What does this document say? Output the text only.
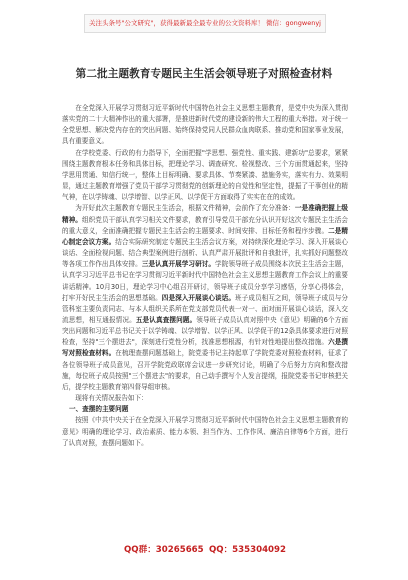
关注头条号"公文研究"，获得最新最全最专业的公文资料库！ 微信：gongwenyj
第二批主题教育专题民主生活会领导班子对照检查材料

在全党深入开展学习贯彻习近平新时代中国特色社会主义思想主题教育，是党中央为深入贯彻落实党的二十大精神作出的重大部署，是推进新时代党的建设新的伟大工程的重大举措。对于统一全党思想、解决党内存在的突出问题、始终保持党同人民群众血肉联系、推动党和国家事业发展，具有重要意义。

在学校党委、行政的有力指导下，全面把握"学思想、强党性、重实践、建新功"总要求，紧紧围绕主题教育根本任务和具体目标，把理论学习、调查研究、检视整改、三个方面贯通起来，坚持学思用贯通、知信行统一，整体上目标明确、要求具体、节奏紧凑、措施务实，落实有力、效果明显，通过主题教育增强了党员干部学习贯彻党的创新理论的自觉性和坚定性，提振了干事创业的精气神，在以学铸魂、以学增智、以学正风、以学促干方面取得了实实在在的成效。

为开好此次主题教育专题民主生活会，根据文件精神，会前作了充分准备：一是准确把握上级精神。组织党员干部认真学习相关文件要求，教育引导党员干部充分认识开好这次专题民主生活会的重大意义，全面准确把握专题民主生活会的主题要求、时间安排、目标任务和程序步骤。二是精心制定会议方案。结合实际研究制定专题民主生活会议方案，对持续深化理论学习、深入开展谈心谈话、全面检视问题、结合典型案例进行剖析、认真严肃开展批评和自我批评，扎实抓好问题整改等各项工作作出具体安排。三是认真开展学习研讨。学院领导班子成员围绕本次民主生活会主题，认真学习习近平总书记在学习贯彻习近平新时代中国特色社会主义思想主题教育工作会议上的重要讲话精神。10月30日，理论学习中心组召开研讨，领导班子成员分享学习感悟，分享心得体会，打牢开好民主生活会的思想基础。四是深入开展谈心谈话。班子成员相互之间，领导班子成员与分管科室主要负责同志、与本人组织关系所在党支部党员代表一对一、面对面开展谈心谈话，深入交流思想，相互通报情况。五是认真查摆问题。领导班子成员认真对照中央《意见》明确的6个方面突出问题和习近平总书记关于以学铸魂、以学增智、以学正风、以学促干的12条具体要求进行对照检查，坚持"三个摆进去"，深刻进行党性分析，找准思想根源，有针对性地提出整改措施。六是撰写对照检查材料。在梳理查摆问题基础上，院党委书记主持起草了学院党委对照检查材料，征求了各位领导班子成员意见，召开学院党政联席会议进一步研究讨论，明确了今后努力方向和整改措施，每位班子成员按照"三个摆进去"的要求，自己动手撰写个人发言提纲，报院党委书记审核把关后，提学校主题教育第四督导组审核。

现将有关情况报告如下：

一、查摆的主要问题

按照《中共中央关于在全党深入开展学习贯彻习近平新时代中国特色社会主义思想主题教育的意见》明确的理论学习、政治素质、能力本领、担当作为、工作作风、廉洁自律等6个方面，进行了认真对照，查摆问题如下。

QQ群：30265665 QQ：535304092
